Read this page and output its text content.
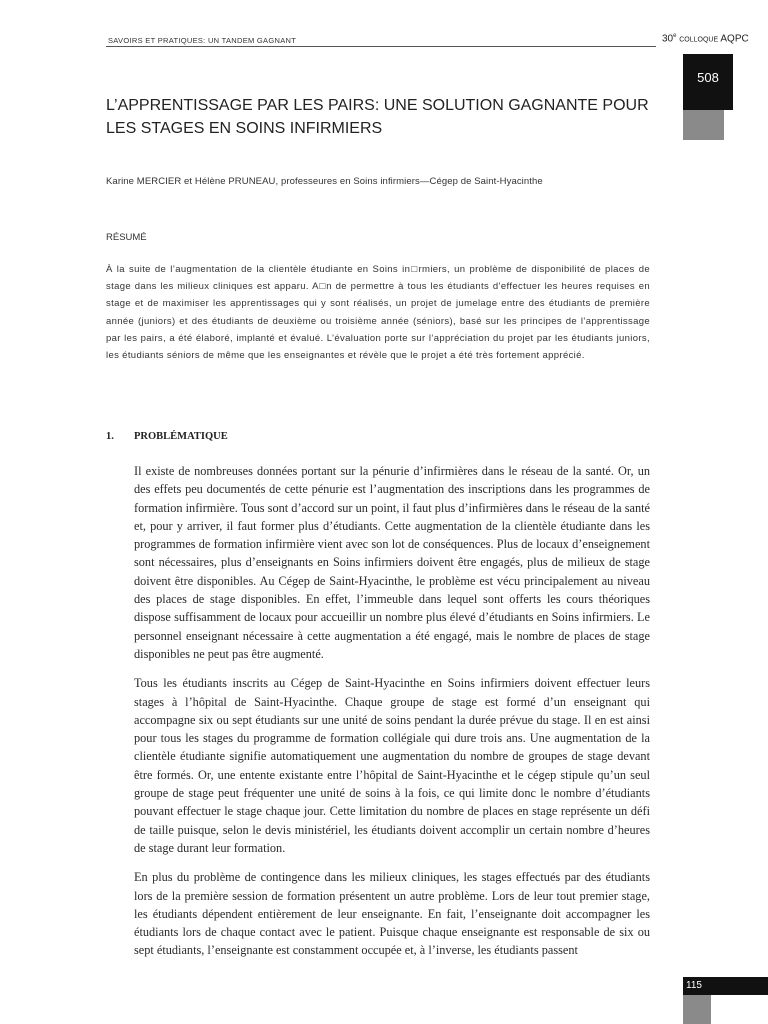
SAVOIRS ET PRATIQUES: UN TANDEM GAGNANT	30e COLLOQUE AQPC
508
L’APPRENTISSAGE PAR LES PAIRS: UNE SOLUTION GAGNANTE POUR LES STAGES EN SOINS INFIRMIERS
Karine MERCIER et Hélène PRUNEAU, professeures en Soins infirmiers—Cégep de Saint-Hyacinthe
RÉSUMÉ
À la suite de l’augmentation de la clientèle étudiante en Soins in□rmiers, un problème de disponibilité de places de stage dans les milieux cliniques est apparu. A□n de permettre à tous les étudiants d’effectuer les heures requises en stage et de maximiser les apprentissages qui y sont réalisés, un projet de jumelage entre des étudiants de première année (juniors) et des étudiants de deuxième ou troisième année (séniors), basé sur les principes de l’apprentissage par les pairs, a été élaboré, implanté et évalué. L’évaluation porte sur l’appréciation du projet par les étudiants juniors, les étudiants séniors de même que les enseignantes et révèle que le projet a été très fortement apprécié.
1. PROBLÉMATIQUE

Il existe de nombreuses données portant sur la pénurie d’infirmières dans le réseau de la santé. Or, un des effets peu documentés de cette pénurie est l’augmentation des inscriptions dans les programmes de formation infirmière. Tous sont d’accord sur un point, il faut plus d’infirmières dans le réseau de la santé et, pour y arriver, il faut former plus d’étudiants. Cette augmentation de la clientèle étudiante dans les programmes de formation infirmière vient avec son lot de conséquences. Plus de locaux d’enseignement sont nécessaires, plus d’enseignants en Soins infirmiers doivent être engagés, plus de milieux de stage doivent être disponibles. Au Cégep de Saint-Hyacinthe, le problème est vécu principalement au niveau des places de stage disponibles. En effet, l’immeuble dans lequel sont offerts les cours théoriques dispose suffisamment de locaux pour accueillir un nombre plus élevé d’étudiants en Soins infirmiers. Le personnel enseignant nécessaire à cette augmentation a été engagé, mais le nombre de places de stage disponibles ne peut pas être augmenté.

Tous les étudiants inscrits au Cégep de Saint-Hyacinthe en Soins infirmiers doivent effectuer leurs stages à l’hôpital de Saint-Hyacinthe. Chaque groupe de stage est formé d’un enseignant qui accompagne six ou sept étudiants sur une unité de soins pendant la durée prévue du stage. Il en est ainsi pour tous les stages du programme de formation collégiale qui dure trois ans. Une augmentation de la clientèle étudiante signifie automatiquement une augmentation du nombre de groupes de stage devant être formés. Or, une entente existante entre l’hôpital de Saint-Hyacinthe et le cégep stipule qu’un seul groupe de stage peut fréquenter une unité de soins à la fois, ce qui limite donc le nombre d’étudiants pouvant effectuer le stage chaque jour. Cette limitation du nombre de places en stage représente un défi de taille puisque, selon le devis ministériel, les étudiants doivent accomplir un certain nombre d’heures de stage durant leur formation.

En plus du problème de contingence dans les milieux cliniques, les stages effectués par des étudiants lors de la première session de formation présentent un autre problème. Lors de leur tout premier stage, les étudiants dépendent entièrement de leur enseignante. En fait, l’enseignante doit accompagner les étudiants lors de chaque contact avec le patient. Puisque chaque enseignante est responsable de six ou sept étudiants, l’enseignante est constamment occupée et, à l’inverse, les étudiants passent

115
